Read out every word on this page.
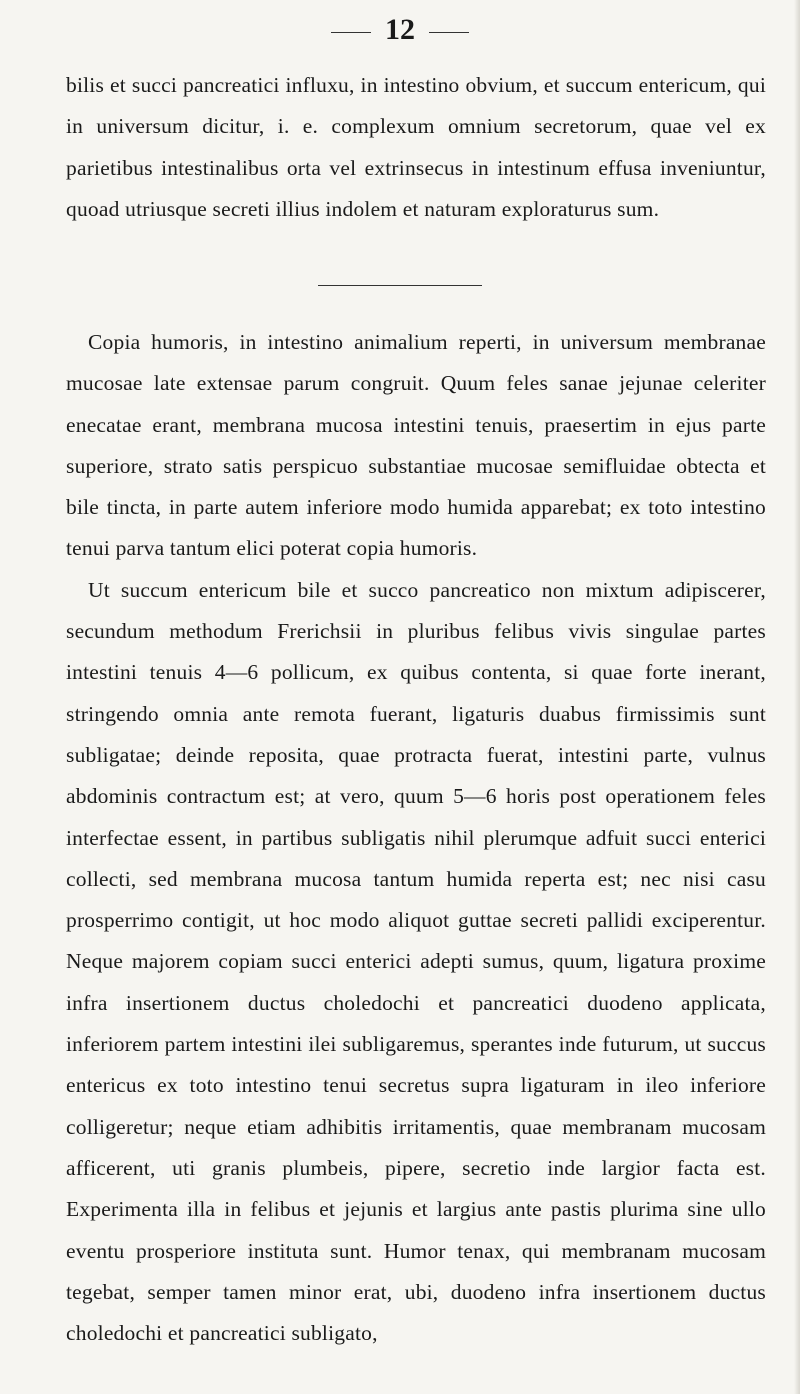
12

bilis et succi pancreatici influxu, in intestino obvium, et succum entericum, qui in universum dicitur, i. e. complexum omnium secretorum, quae vel ex parietibus intestinalibus orta vel extrinsecus in intestinum effusa inveniuntur, quoad utriusque secreti illius indolem et naturam exploraturus sum.

Copia humoris, in intestino animalium reperti, in universum membranae mucosae late extensae parum congruit. Quum feles sanae jejunae celeriter enecatae erant, membrana mucosa intestini tenuis, praesertim in ejus parte superiore, strato satis perspicuo substantiae mucosae semifluidae obtecta et bile tincta, in parte autem inferiore modo humida apparebat; ex toto intestino tenui parva tantum elici poterat copia humoris.

Ut succum entericum bile et succo pancreatico non mixtum adipiscerer, secundum methodum Frerichsii in pluribus felibus vivis singulae partes intestini tenuis 4—6 pollicum, ex quibus contenta, si quae forte inerant, stringendo omnia ante remota fuerant, ligaturis duabus firmissimis sunt subligatae; deinde reposita, quae protracta fuerat, intestini parte, vulnus abdominis contractum est; at vero, quum 5—6 horis post operationem feles interfectae essent, in partibus subligatis nihil plerumque adfuit succi enterici collecti, sed membrana mucosa tantum humida reperta est; nec nisi casu prosperrimo contigit, ut hoc modo aliquot guttae secreti pallidi exciperentur. Neque majorem copiam succi enterici adepti sumus, quum, ligatura proxime infra insertionem ductus choledochi et pancreatici duodeno applicata, inferiorem partem intestini ilei subligaremus, sperantes inde futurum, ut succus entericus ex toto intestino tenui secretus supra ligaturam in ileo inferiore colligeretur; neque etiam adhibitis irritamentis, quae membranam mucosam afficerent, uti granis plumbeis, pipere, secretio inde largior facta est. Experimenta illa in felibus et jejunis et largius ante pastis plurima sine ullo eventu prosperiore instituta sunt. Humor tenax, qui membranam mucosam tegebat, semper tamen minor erat, ubi, duodeno infra insertionem ductus choledochi et pancreatici subligato,
